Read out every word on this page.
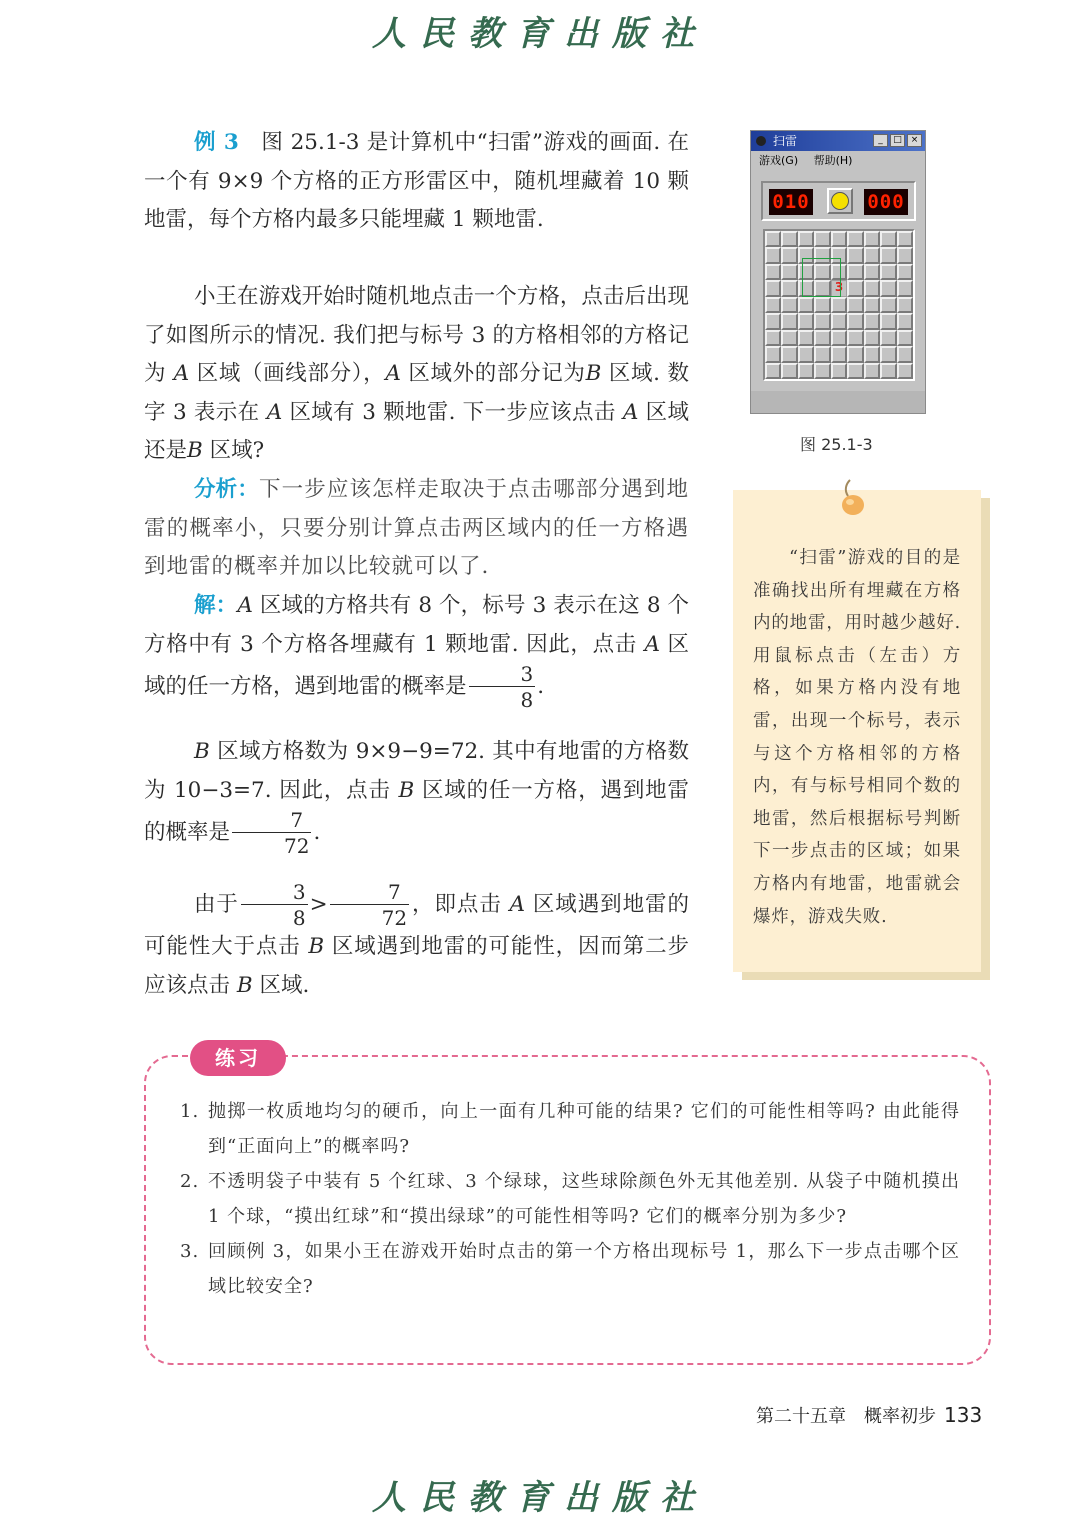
人民教育出版社

例 3　 图 25.1-3 是计算机中“扫雷”游戏的画面. 在一个有 9×9 个方格的正方形雷区中，随机埋藏着 10 颗地雷，每个方格内最多只能埋藏 1 颗地雷.

小王在游戏开始时随机地点击一个方格，点击后出现了如图所示的情况. 我们把与标号 3 的方格相邻的方格记为 A 区域（画线部分），A 区域外的部分记为B 区域. 数字 3 表示在 A 区域有 3 颗地雷. 下一步应该点击 A 区域还是B 区域?

分析：下一步应该怎样走取决于点击哪部分遇到地雷的概率小，只要分别计算点击两区域内的任一方格遇到地雷的概率并加以比较就可以了.

解：A 区域的方格共有 8 个，标号 3 表示在这 8 个方格中有 3 个方格各埋藏有 1 颗地雷. 因此，点击 A 区域的任一方格，遇到地雷的概率是 $\frac{3}{8}$ .

B 区域方格数为 9×9−9=72. 其中有地雷的方格数为 10−3=7. 因此，点击 B 区域的任一方格，遇到地雷的概率是 $\frac{7}{72}$ .

由于 $\frac{3}{8} > \frac{7}{72}$ ，即点击 A 区域遇到地雷的可能性大于点击 B 区域遇到地雷的可能性，因而第二步应该点击 B 区域.

扫雷	_	□ ×
游戏(G) 帮助(H)
010	000
3
图 25.1-3

“扫雷”游戏的目的是准确找出所有埋藏在方格内的地雷，用时越少越好. 用鼠标点击（左击）方格，如果方格内没有地雷，出现一个标号，表示与这个方格相邻的方格内，有与标号相同个数的地雷，然后根据标号判断下一步点击的区域；如果方格内有地雷，地雷就会爆炸，游戏失败.

练习
1. 抛掷一枚质地均匀的硬币，向上一面有几种可能的结果? 它们的可能性相等吗? 由此能得到“正面向上”的概率吗?
2. 不透明袋子中装有 5 个红球、3 个绿球，这些球除颜色外无其他差别. 从袋子中随机摸出 1 个球，“摸出红球”和“摸出绿球”的可能性相等吗? 它们的概率分别为多少?
3. 回顾例 3，如果小王在游戏开始时点击的第一个方格出现标号 1，那么下一步点击哪个区域比较安全?
第二十五章　概率初步 133
人民教育出版社
